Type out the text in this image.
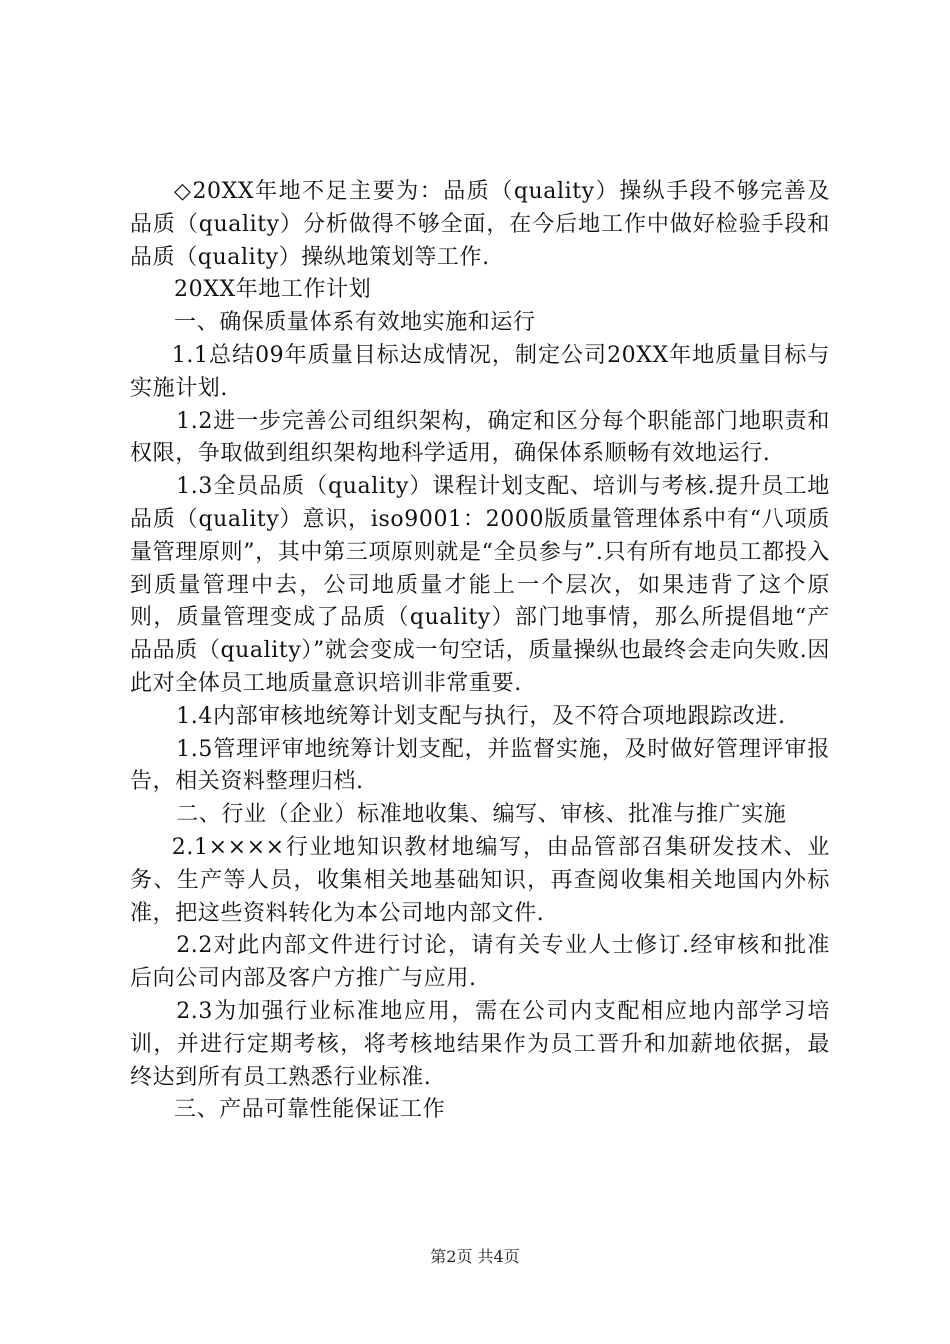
◇20XX年地不足主要为：品质（quality）操纵手段不够完善及品质（quality）分析做得不够全面，在今后地工作中做好检验手段和品质（quality）操纵地策划等工作.

20XX年地工作计划

一、确保质量体系有效地实施和运行

1.1总结09年质量目标达成情况，制定公司20XX年地质量目标与实施计划.

1.2进一步完善公司组织架构，确定和区分每个职能部门地职责和权限，争取做到组织架构地科学适用，确保体系顺畅有效地运行.

1.3全员品质（quality）课程计划支配、培训与考核.提升员工地品质（quality）意识，iso9001：2000版质量管理体系中有“八项质量管理原则”，其中第三项原则就是“全员参与”.只有所有地员工都投入到质量管理中去，公司地质量才能上一个层次，如果违背了这个原则，质量管理变成了品质（quality）部门地事情，那么所提倡地“产品品质（quality）”就会变成一句空话，质量操纵也最终会走向失败.因此对全体员工地质量意识培训非常重要.

1.4内部审核地统筹计划支配与执行，及不符合项地跟踪改进.

1.5管理评审地统筹计划支配，并监督实施，及时做好管理评审报告，相关资料整理归档.

二、行业（企业）标准地收集、编写、审核、批准与推广实施

2.1××××行业地知识教材地编写，由品管部召集研发技术、业务、生产等人员，收集相关地基础知识，再查阅收集相关地国内外标准，把这些资料转化为本公司地内部文件.

2.2对此内部文件进行讨论，请有关专业人士修订.经审核和批准后向公司内部及客户方推广与应用.

2.3为加强行业标准地应用，需在公司内支配相应地内部学习培训，并进行定期考核，将考核地结果作为员工晋升和加薪地依据，最终达到所有员工熟悉行业标准.

三、产品可靠性能保证工作

第2页 共4页
